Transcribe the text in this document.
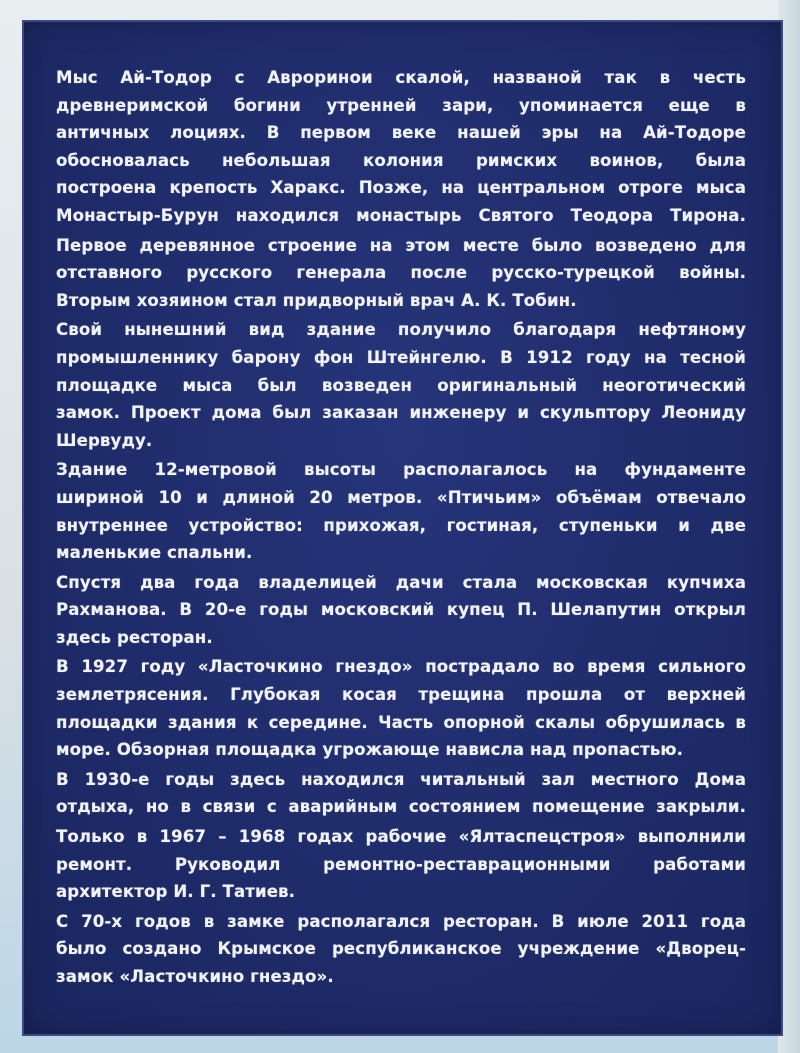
Мыс Ай-Тодор с Авроринои скалой, названой так в честь
древнеримской богини утренней зари, упоминается еще в
античных лоциях. В первом веке нашей эры на Ай-Тодоре
обосновалась небольшая колония римских воинов, была
построена крепость Харакс. Позже, на центральном отроге мыса
Монастыр-Бурун находился монастырь Святого Теодора Тирона.
Первое деревянное строение на этом месте было возведено для
отставного русского генерала после русско-турецкой войны.
Вторым хозяином стал придворный врач А. К. Тобин.
Свой нынешний вид здание получило благодаря нефтяному
промышленнику барону фон Штейнгелю. В 1912 году на тесной
площадке мыса был возведен оригинальный неоготический
замок. Проект дома был заказан инженеру и скульптору Леониду
Шервуду.
Здание 12-метровой высоты располагалось на фундаменте
шириной 10 и длиной 20 метров. «Птичьим» объёмам отвечало
внутреннее устройство: прихожая, гостиная, ступеньки и две
маленькие спальни.
Спустя два года владелицей дачи стала московская купчиха
Рахманова. В 20-е годы московский купец П. Шелапутин открыл
здесь ресторан.
В 1927 году «Ласточкино гнездо» пострадало во время сильного
землетрясения. Глубокая косая трещина прошла от верхней
площадки здания к середине. Часть опорной скалы обрушилась в
море. Обзорная площадка угрожающе нависла над пропастью.
В 1930-е годы здесь находился читальный зал местного Дома
отдыха, но в связи с аварийным состоянием помещение закрыли.
Только в 1967 – 1968 годах рабочие «Ялтаспецстроя» выполнили
ремонт. Руководил ремонтно-реставрационными работами
архитектор И. Г. Татиев.
С 70-х годов в замке располагался ресторан. В июле 2011 года
было создано Крымское республиканское учреждение «Дворец-
замок «Ласточкино гнездо».
